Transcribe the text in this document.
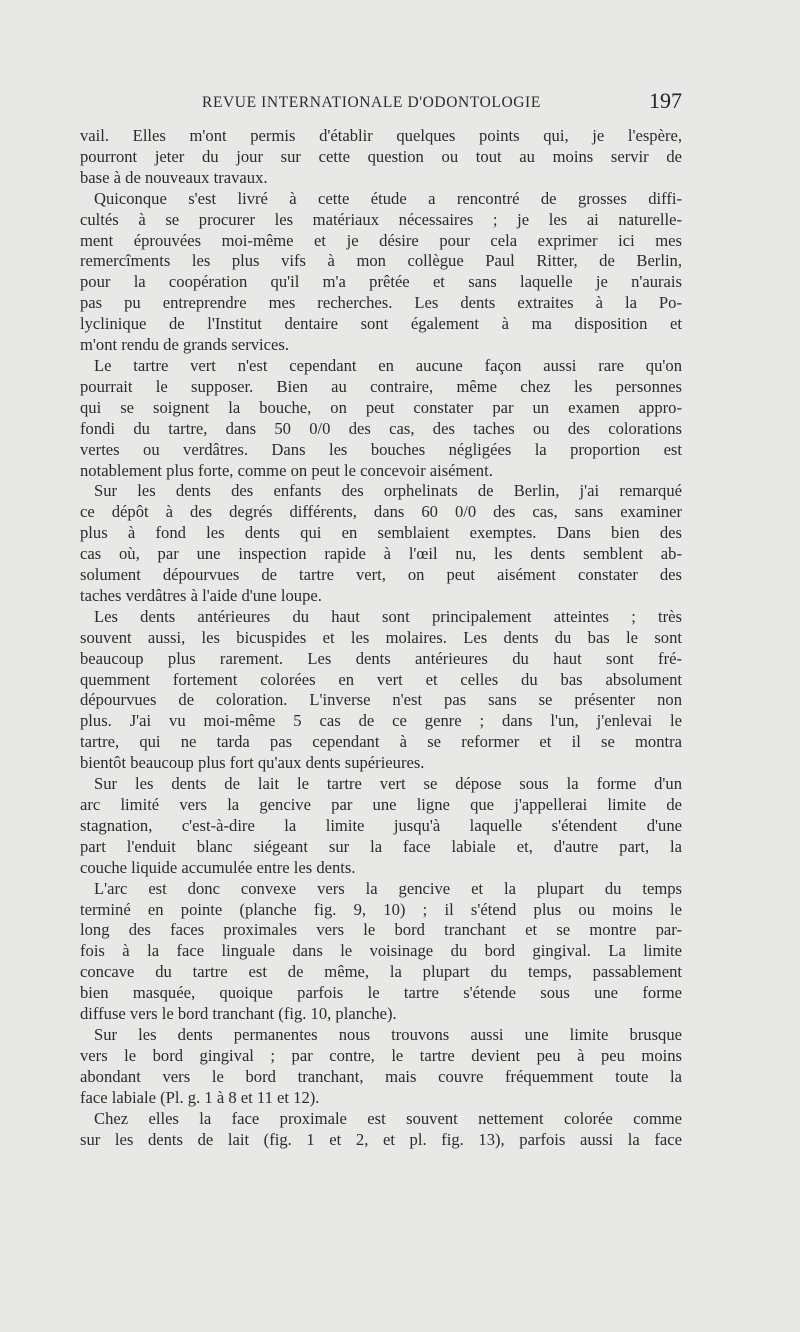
REVUE INTERNATIONALE D'ODONTOLOGIE	197

vail. Elles m'ont permis d'établir quelques points qui, je l'espère,
pourront jeter du jour sur cette question ou tout au moins servir de
base à de nouveaux travaux.

Quiconque s'est livré à cette étude a rencontré de grosses diffi-
cultés à se procurer les matériaux nécessaires ; je les ai naturelle-
ment éprouvées moi-même et je désire pour cela exprimer ici mes
remercîments les plus vifs à mon collègue Paul Ritter, de Berlin,
pour la coopération qu'il m'a prêtée et sans laquelle je n'aurais
pas pu entreprendre mes recherches. Les dents extraites à la Po-
lyclinique de l'Institut dentaire sont également à ma disposition et
m'ont rendu de grands services.

Le tartre vert n'est cependant en aucune façon aussi rare qu'on
pourrait le supposer. Bien au contraire, même chez les personnes
qui se soignent la bouche, on peut constater par un examen appro-
fondi du tartre, dans 50 0/0 des cas, des taches ou des colorations
vertes ou verdâtres. Dans les bouches négligées la proportion est
notablement plus forte, comme on peut le concevoir aisément.

Sur les dents des enfants des orphelinats de Berlin, j'ai remarqué
ce dépôt à des degrés différents, dans 60 0/0 des cas, sans examiner
plus à fond les dents qui en semblaient exemptes. Dans bien des
cas où, par une inspection rapide à l'œil nu, les dents semblent ab-
solument dépourvues de tartre vert, on peut aisément constater des
taches verdâtres à l'aide d'une loupe.

Les dents antérieures du haut sont principalement atteintes ; très
souvent aussi, les bicuspides et les molaires. Les dents du bas le sont
beaucoup plus rarement. Les dents antérieures du haut sont fré-
quemment fortement colorées en vert et celles du bas absolument
dépourvues de coloration. L'inverse n'est pas sans se présenter non
plus. J'ai vu moi-même 5 cas de ce genre ; dans l'un, j'enlevai le
tartre, qui ne tarda pas cependant à se reformer et il se montra
bientôt beaucoup plus fort qu'aux dents supérieures.

Sur les dents de lait le tartre vert se dépose sous la forme d'un
arc limité vers la gencive par une ligne que j'appellerai limite de
stagnation, c'est-à-dire la limite jusqu'à laquelle s'étendent d'une
part l'enduit blanc siégeant sur la face labiale et, d'autre part, la
couche liquide accumulée entre les dents.

L'arc est donc convexe vers la gencive et la plupart du temps
terminé en pointe (planche fig. 9, 10) ; il s'étend plus ou moins le
long des faces proximales vers le bord tranchant et se montre par-
fois à la face linguale dans le voisinage du bord gingival. La limite
concave du tartre est de même, la plupart du temps, passablement
bien masquée, quoique parfois le tartre s'étende sous une forme
diffuse vers le bord tranchant (fig. 10, planche).

Sur les dents permanentes nous trouvons aussi une limite brusque
vers le bord gingival ; par contre, le tartre devient peu à peu moins
abondant vers le bord tranchant, mais couvre fréquemment toute la
face labiale (Pl. g. 1 à 8 et 11 et 12).

Chez elles la face proximale est souvent nettement colorée comme
sur les dents de lait (fig. 1 et 2, et pl. fig. 13), parfois aussi la face
